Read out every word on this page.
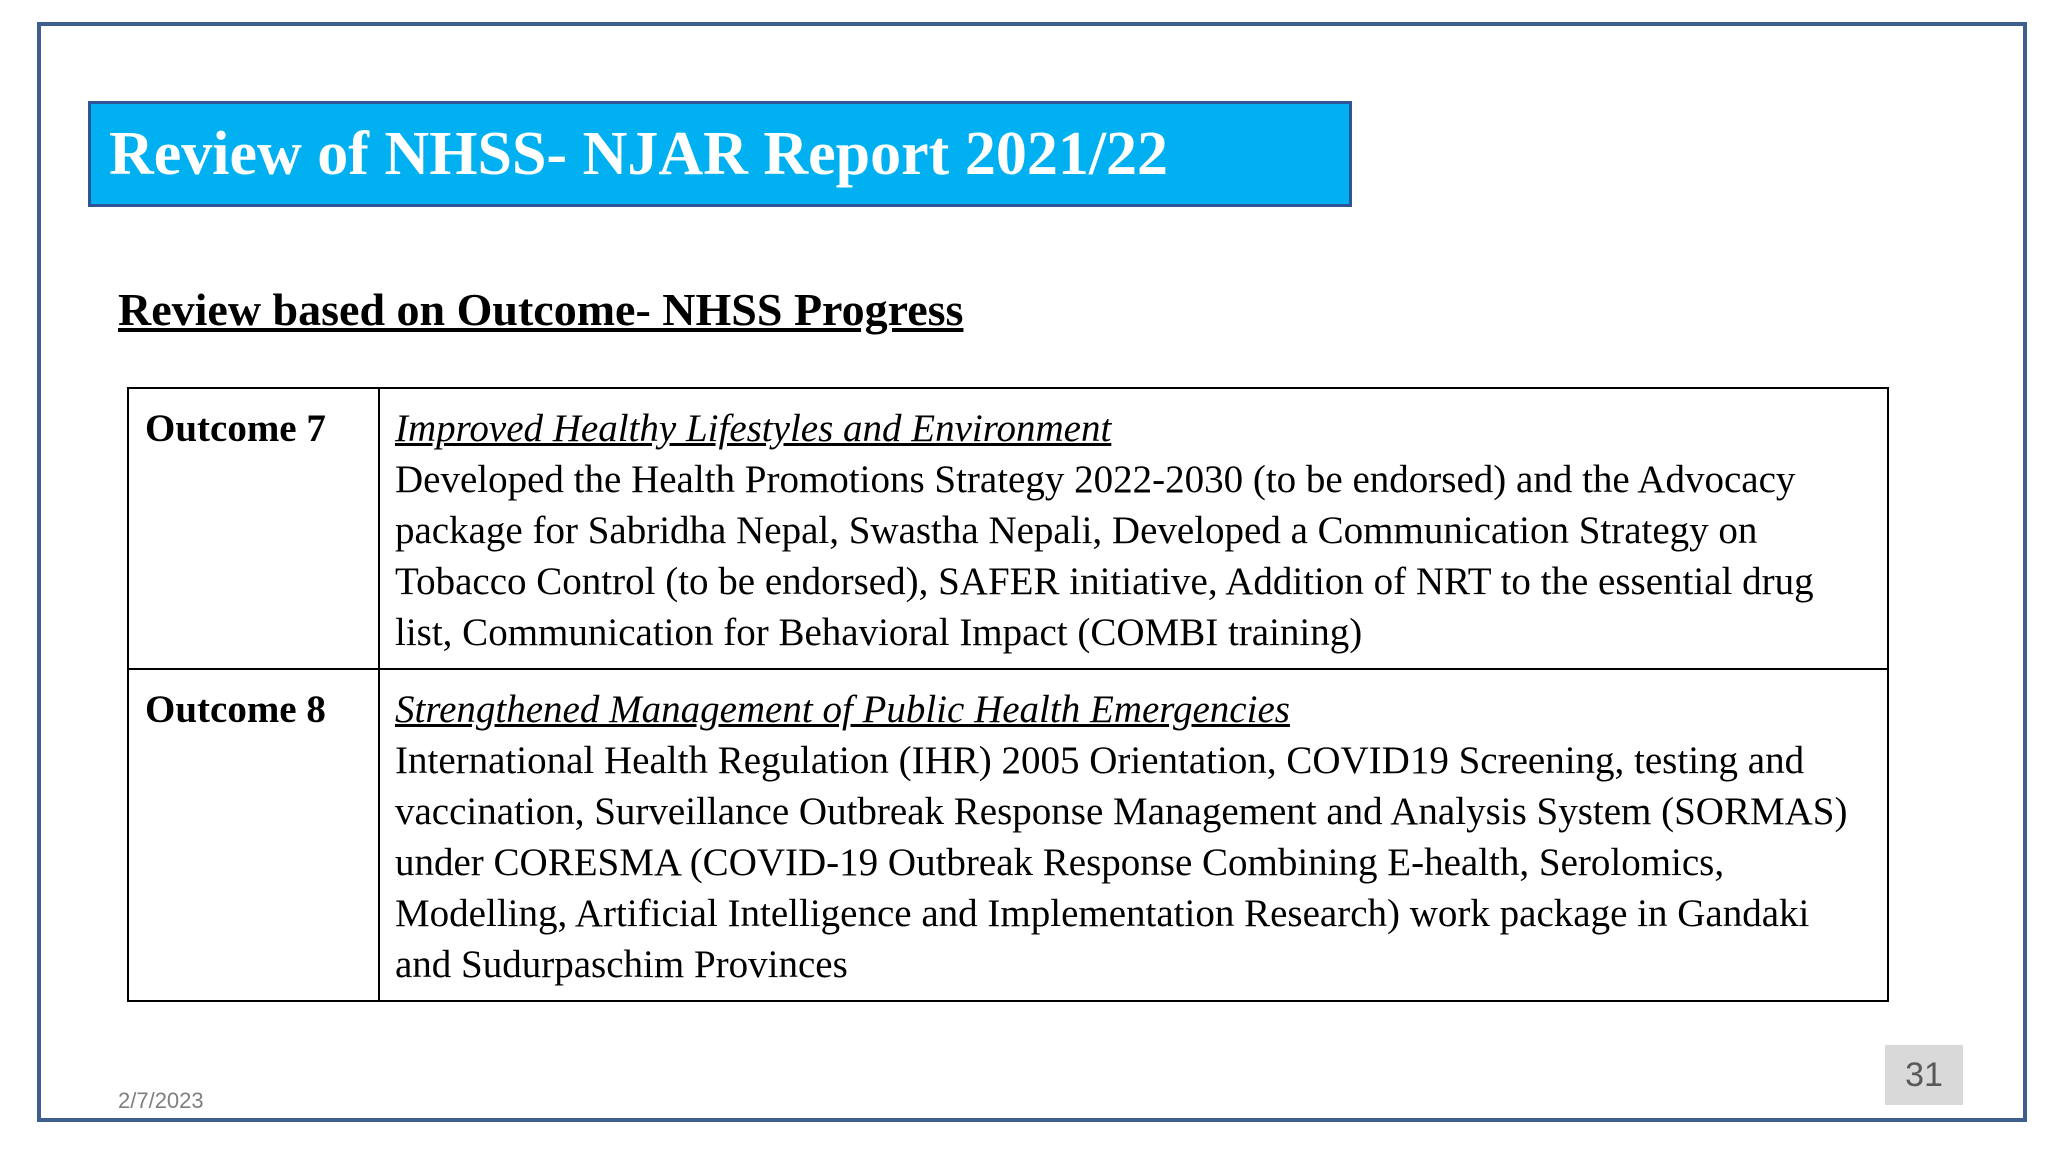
Review of NHSS- NJAR Report 2021/22
Review based on Outcome- NHSS Progress
Outcome 7	Improved Healthy Lifestyles and Environment
Developed the Health Promotions Strategy 2022-2030 (to be endorsed) and the Advocacy package for Sabridha Nepal, Swastha Nepali, Developed a Communication Strategy on Tobacco Control (to be endorsed), SAFER initiative, Addition of NRT to the essential drug list, Communication for Behavioral Impact (COMBI training)

Outcome 8	Strengthened Management of Public Health Emergencies
International Health Regulation (IHR) 2005 Orientation, COVID19 Screening, testing and vaccination, Surveillance Outbreak Response Management and Analysis System (SORMAS) under CORESMA (COVID-19 Outbreak Response Combining E-health, Serolomics, Modelling, Artificial Intelligence and Implementation Research) work package in Gandaki and Sudurpaschim Provinces
2/7/2023
31
